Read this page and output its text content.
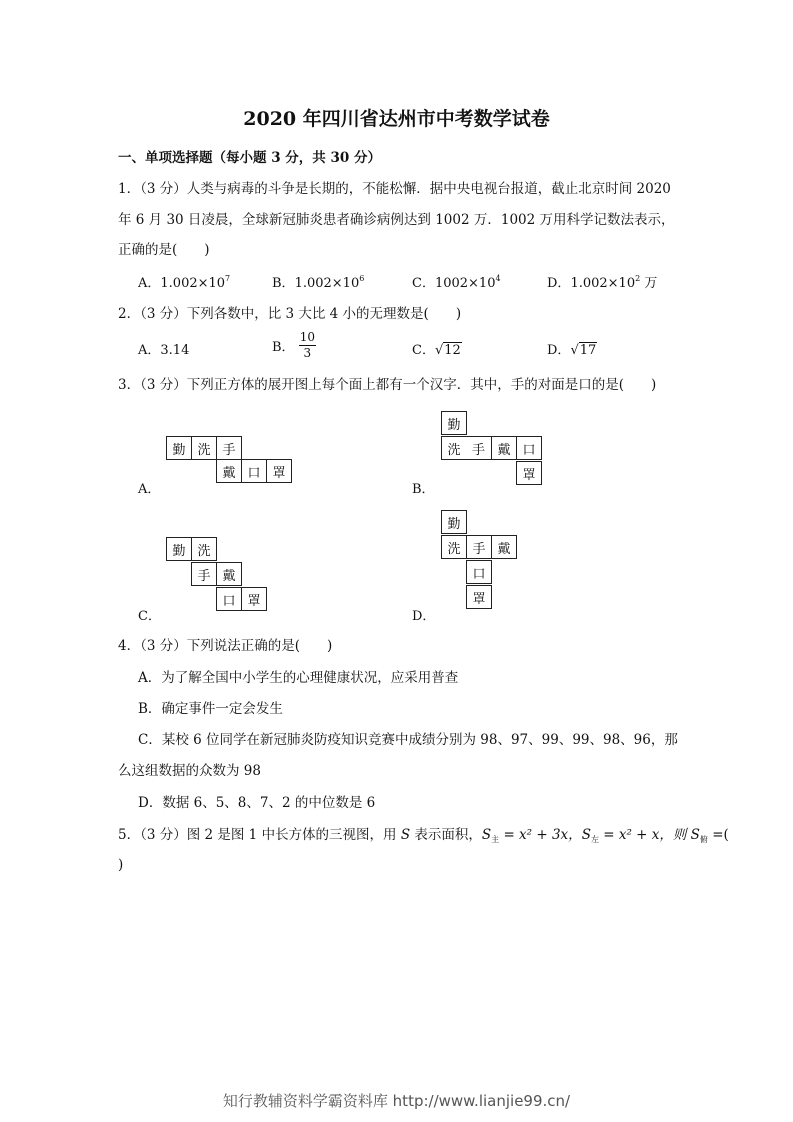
2020 年四川省达州市中考数学试卷
一、单项选择题（每小题 3 分，共 30 分）
1．（3 分）人类与病毒的斗争是长期的，不能松懈．据中央电视台报道，截止北京时间 2020
年 6 月 30 日凌晨，全球新冠肺炎患者确诊病例达到 1002 万．1002 万用科学记数法表示，
正确的是(　　)
A．$1.002\times 10^7$	B．$1.002\times 10^6$	C．$1002\times 10^4$	D．$1.002\times 10^2$ 万
2．（3 分）下列各数中，比 3 大比 4 小的无理数是(　　)
A．3.14	B． $\frac{10}{3}$	C．√12	D．√17
3．（3 分）下列正方体的展开图上每个面上都有一个汉字．其中，手的对面是口的是(　　)
勤 洗 手
戴 口 罩
A．
勤
洗 手 戴 口
罩
B．
勤 洗
手 戴
口 罩
C．
勤
洗 手 戴
口
罩
D．
4．（3 分）下列说法正确的是(　　)
A．为了解全国中小学生的心理健康状况，应采用普查
B．确定事件一定会发生
C．某校 6 位同学在新冠肺炎防疫知识竞赛中成绩分别为 98、97、99、99、98、96，那
么这组数据的众数为 98
D．数据 6、5、8、7、2 的中位数是 6
5．（3 分）图 2 是图 1 中长方体的三视图，用 S 表示面积，$S_主 = x^2 + 3x$，$S_左 = x^2 + x$，则 $S_俯$ =(
)
知行教辅资料学霸资料库 http://www.lianjie99.cn/
